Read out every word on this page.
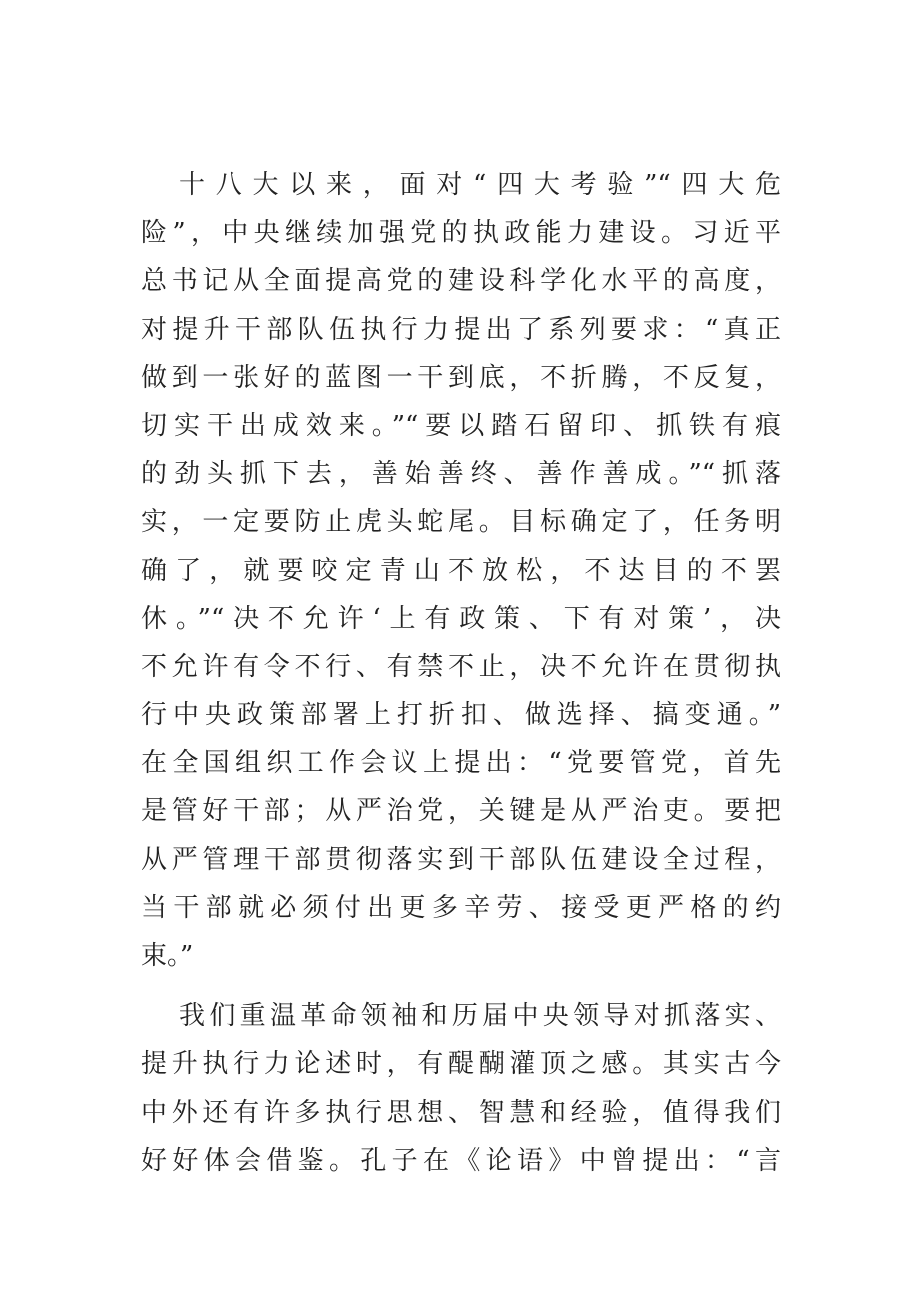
十八大以来，面对“四大考验”“四大危
险”，中央继续加强党的执政能力建设。习近平
总书记从全面提高党的建设科学化水平的高度，
对提升干部队伍执行力提出了系列要求：“真正
做到一张好的蓝图一干到底，不折腾，不反复，
切实干出成效来。”“要以踏石留印、抓铁有痕
的劲头抓下去，善始善终、善作善成。”“抓落
实，一定要防止虎头蛇尾。目标确定了，任务明
确了，就要咬定青山不放松，不达目的不罢
休。”“决不允许‘上有政策、下有对策’，决
不允许有令不行、有禁不止，决不允许在贯彻执
行中央政策部署上打折扣、做选择、搞变通。”
在全国组织工作会议上提出：“党要管党，首先
是管好干部；从严治党，关键是从严治吏。要把
从严管理干部贯彻落实到干部队伍建设全过程，
当干部就必须付出更多辛劳、接受更严格的约
束。”
我们重温革命领袖和历届中央领导对抓落实、
提升执行力论述时，有醍醐灌顶之感。其实古今
中外还有许多执行思想、智慧和经验，值得我们
好好体会借鉴。孔子在《论语》中曾提出：“言
